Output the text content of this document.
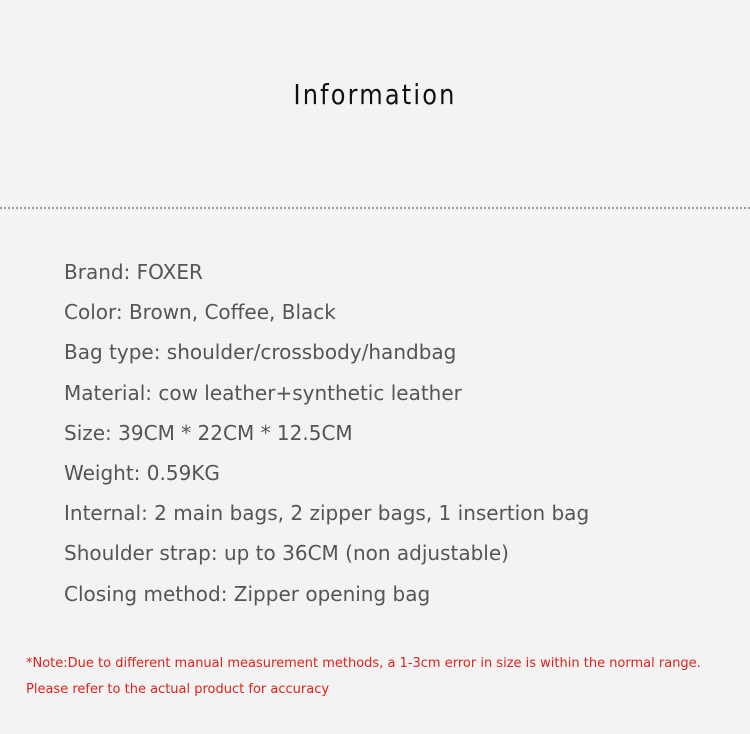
Information
Brand: FOXER
Color: Brown, Coffee, Black
Bag type: shoulder/crossbody/handbag
Material: cow leather+synthetic leather
Size: 39CM * 22CM * 12.5CM
Weight: 0.59KG
Internal: 2 main bags, 2 zipper bags, 1 insertion bag
Shoulder strap: up to 36CM (non adjustable)
Closing method: Zipper opening bag
*Note:Due to different manual measurement methods, a 1-3cm error in size is within the normal range.
Please refer to the actual product for accuracy
